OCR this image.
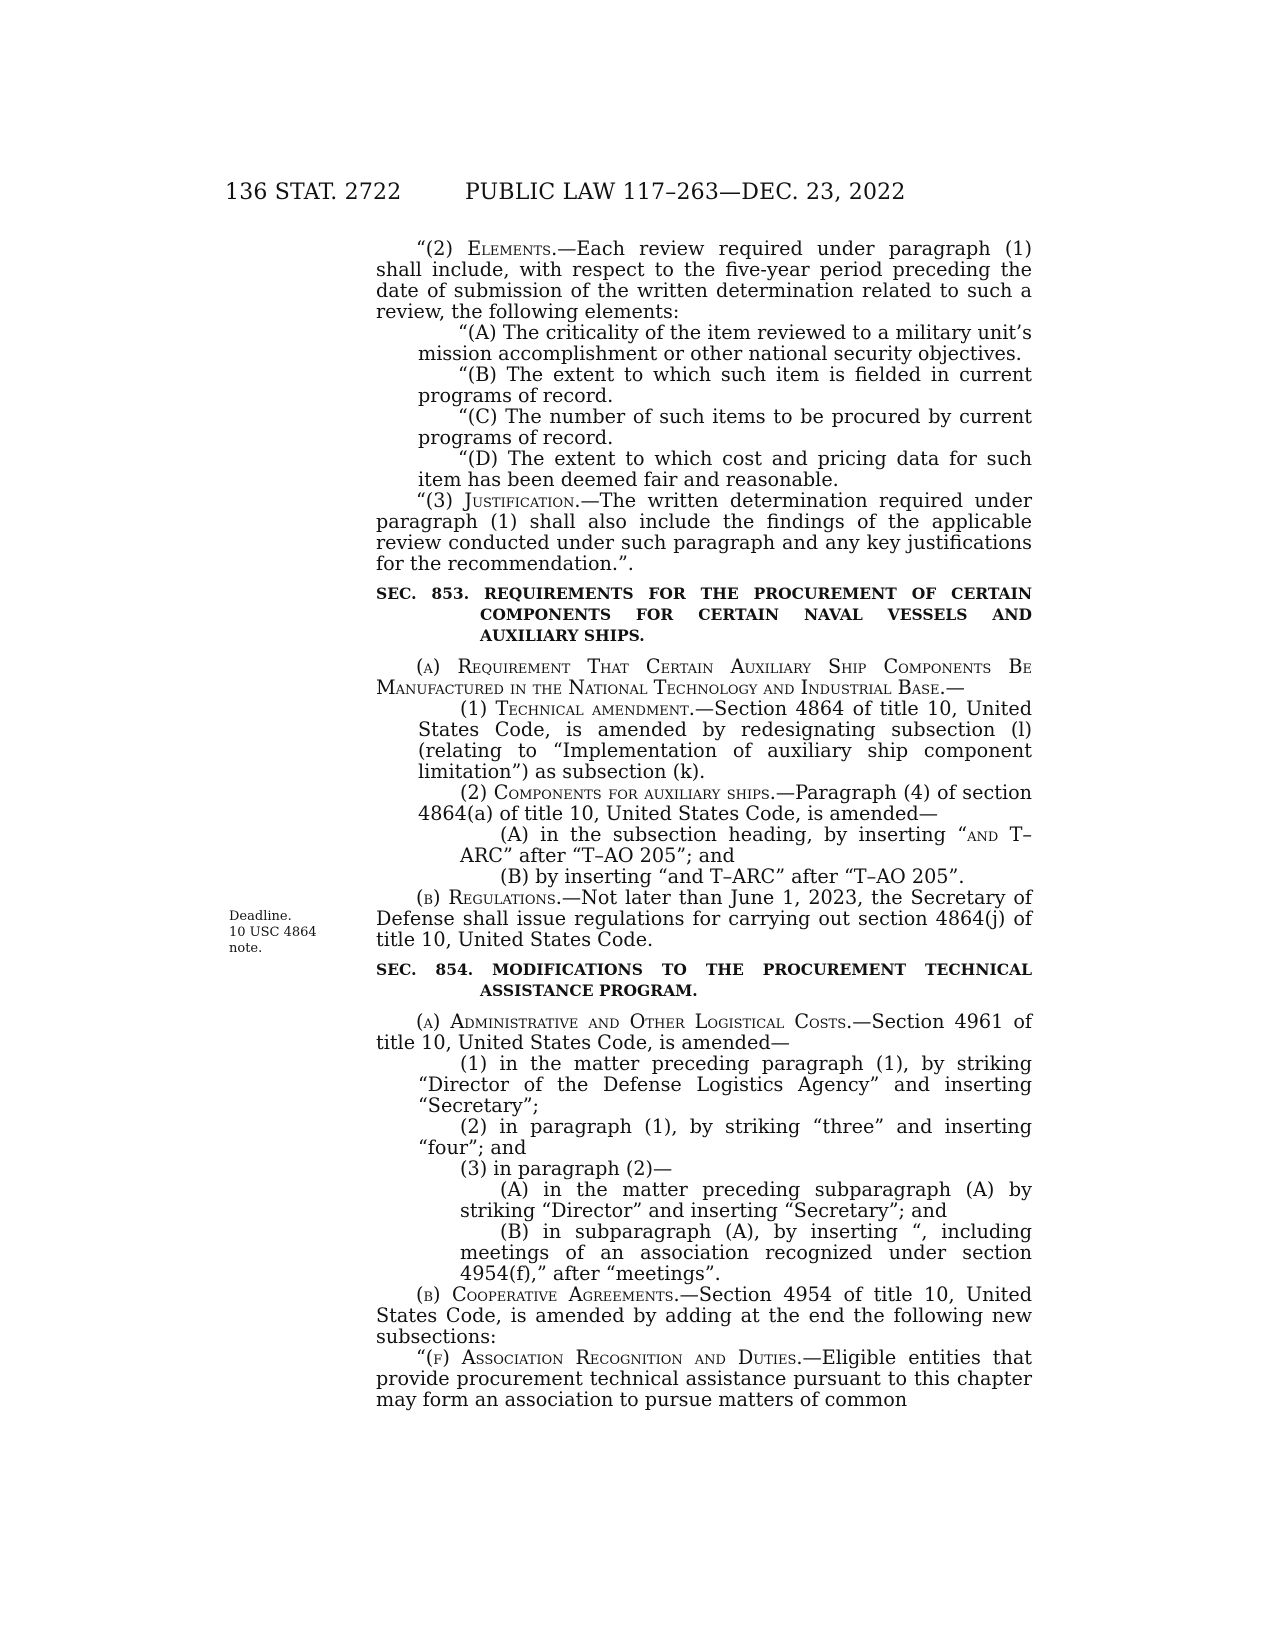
136 STAT. 2722	PUBLIC LAW 117–263—DEC. 23, 2022
Deadline.
10 USC 4864
note.

“(2) Elements.—Each review required under paragraph (1) shall include, with respect to the five-year period preceding the date of submission of the written determination related to such a review, the following elements:

“(A) The criticality of the item reviewed to a military unit’s mission accomplishment or other national security objectives.

“(B) The extent to which such item is fielded in current programs of record.

“(C) The number of such items to be procured by current programs of record.

“(D) The extent to which cost and pricing data for such item has been deemed fair and reasonable.

“(3) Justification.—The written determination required under paragraph (1) shall also include the findings of the applicable review conducted under such paragraph and any key justifications for the recommendation.”.

SEC. 853. REQUIREMENTS FOR THE PROCUREMENT OF CERTAIN COMPONENTS FOR CERTAIN NAVAL VESSELS AND AUXILIARY SHIPS.

(a) Requirement That Certain Auxiliary Ship Components Be Manufactured in the National Technology and Industrial Base.—

(1) Technical amendment.—Section 4864 of title 10, United States Code, is amended by redesignating subsection (l) (relating to “Implementation of auxiliary ship component limitation”) as subsection (k).

(2) Components for auxiliary ships.—Paragraph (4) of section 4864(a) of title 10, United States Code, is amended—

(A) in the subsection heading, by inserting “and T–ARC” after “T–AO 205”; and

(B) by inserting “and T–ARC” after “T–AO 205”.

(b) Regulations.—Not later than June 1, 2023, the Secretary of Defense shall issue regulations for carrying out section 4864(j) of title 10, United States Code.

SEC. 854. MODIFICATIONS TO THE PROCUREMENT TECHNICAL ASSISTANCE PROGRAM.

(a) Administrative and Other Logistical Costs.—Section 4961 of title 10, United States Code, is amended—

(1) in the matter preceding paragraph (1), by striking “Director of the Defense Logistics Agency” and inserting “Secretary”;

(2) in paragraph (1), by striking “three” and inserting “four”; and

(3) in paragraph (2)—

(A) in the matter preceding subparagraph (A) by striking “Director” and inserting “Secretary”; and

(B) in subparagraph (A), by inserting “, including meetings of an association recognized under section 4954(f),” after “meetings”.

(b) Cooperative Agreements.—Section 4954 of title 10, United States Code, is amended by adding at the end the following new subsections:

“(f) Association Recognition and Duties.—Eligible entities that provide procurement technical assistance pursuant to this chapter may form an association to pursue matters of common
